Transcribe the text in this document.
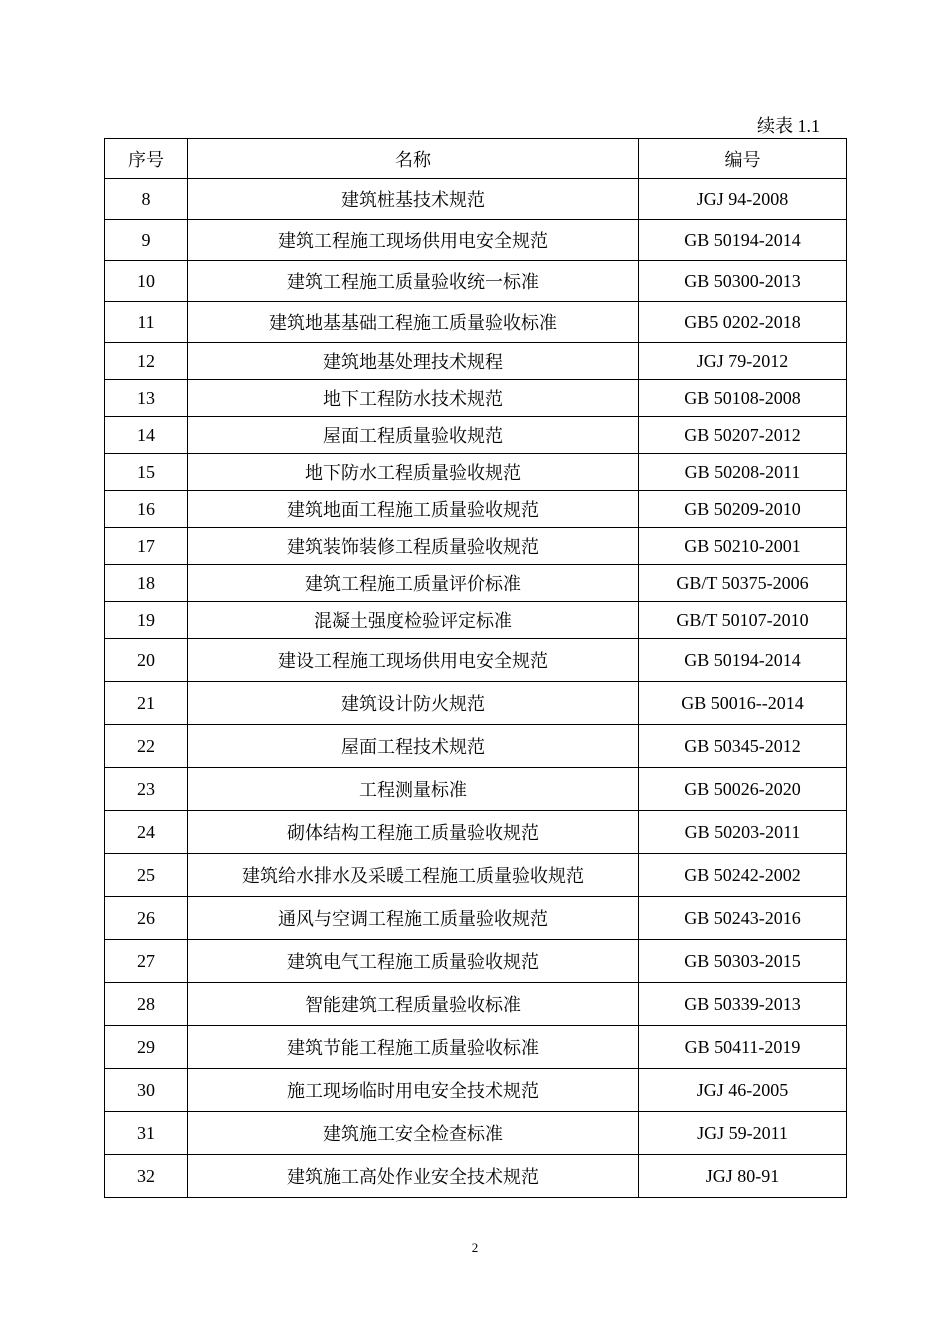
续表 1.1
序号	名称	编号
8	建筑桩基技术规范	JGJ 94-2008
9	建筑工程施工现场供用电安全规范	GB 50194-2014
10	建筑工程施工质量验收统一标准	GB 50300-2013
11	建筑地基基础工程施工质量验收标准	GB5 0202-2018
12	建筑地基处理技术规程	JGJ 79-2012
13	地下工程防水技术规范	GB 50108-2008
14	屋面工程质量验收规范	GB 50207-2012
15	地下防水工程质量验收规范	GB 50208-2011
16	建筑地面工程施工质量验收规范	GB 50209-2010
17	建筑装饰装修工程质量验收规范	GB 50210-2001
18	建筑工程施工质量评价标准	GB/T 50375-2006
19	混凝土强度检验评定标准	GB/T 50107-2010
20	建设工程施工现场供用电安全规范	GB 50194-2014
21	建筑设计防火规范	GB 50016--2014
22	屋面工程技术规范	GB 50345-2012
23	工程测量标准	GB 50026-2020
24	砌体结构工程施工质量验收规范	GB 50203-2011
25	建筑给水排水及采暖工程施工质量验收规范	GB 50242-2002
26	通风与空调工程施工质量验收规范	GB 50243-2016
27	建筑电气工程施工质量验收规范	GB 50303-2015
28	智能建筑工程质量验收标准	GB 50339-2013
29	建筑节能工程施工质量验收标准	GB 50411-2019
30	施工现场临时用电安全技术规范	JGJ 46-2005
31	建筑施工安全检查标准	JGJ 59-2011
32	建筑施工高处作业安全技术规范	JGJ 80-91
2
